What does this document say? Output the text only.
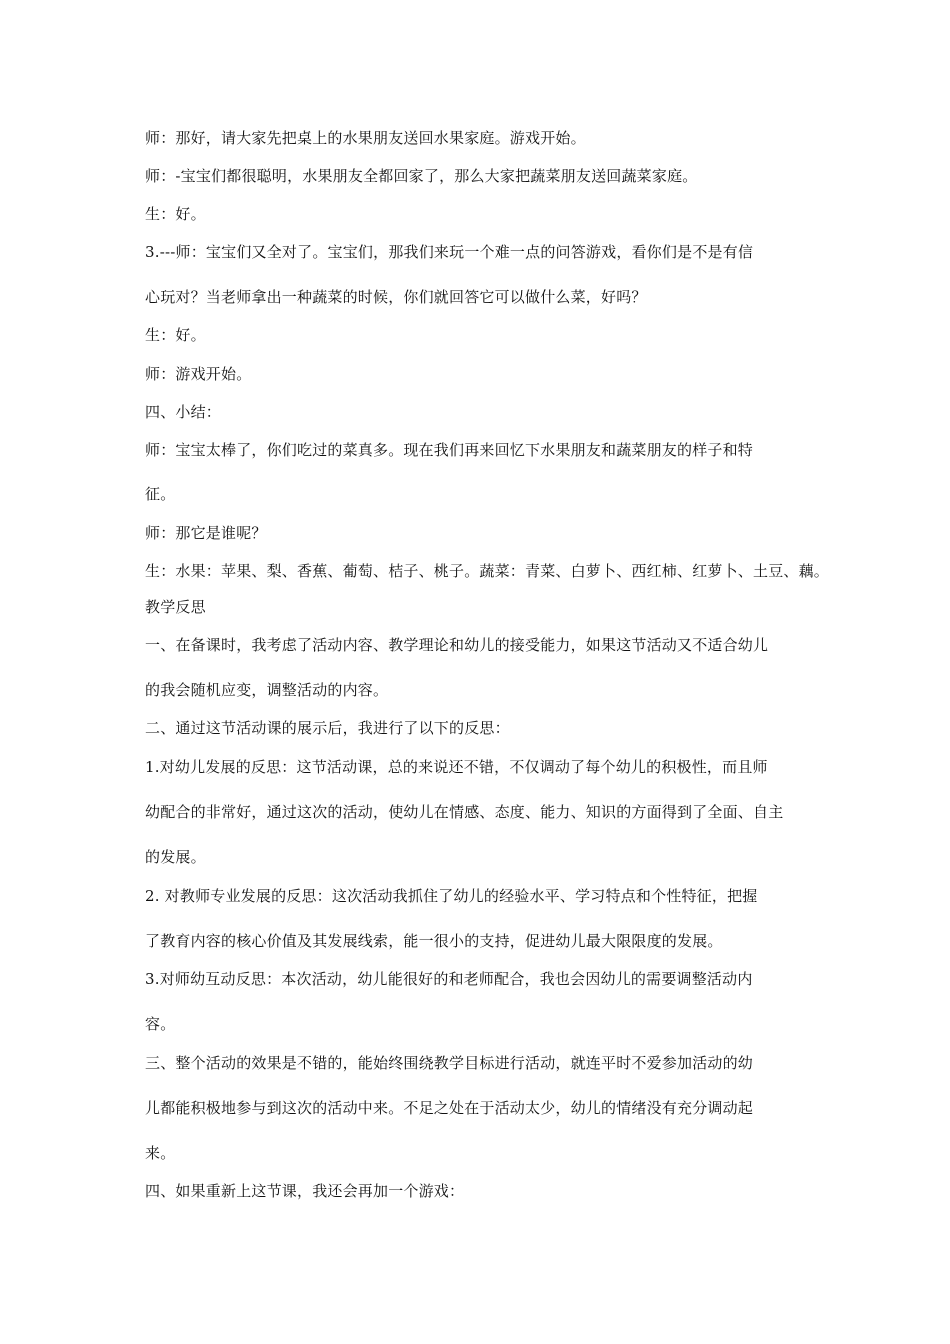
师：那好，请大家先把桌上的水果朋友送回水果家庭。游戏开始。
师：-宝宝们都很聪明，水果朋友全都回家了，那么大家把蔬菜朋友送回蔬菜家庭。
生：好。
3.---师：宝宝们又全对了。宝宝们，那我们来玩一个难一点的问答游戏，看你们是不是有信
心玩对？当老师拿出一种蔬菜的时候，你们就回答它可以做什么菜，好吗？
生：好。
师：游戏开始。
四、小结：
师：宝宝太棒了，你们吃过的菜真多。现在我们再来回忆下水果朋友和蔬菜朋友的样子和特
征。
师：那它是谁呢？
生：水果：苹果、梨、香蕉、葡萄、桔子、桃子。蔬菜：青菜、白萝卜、西红柿、红萝卜、土豆、藕。
教学反思
一、在备课时，我考虑了活动内容、教学理论和幼儿的接受能力，如果这节活动又不适合幼儿
的我会随机应变，调整活动的内容。
二、通过这节活动课的展示后，我进行了以下的反思：
1.对幼儿发展的反思：这节活动课，总的来说还不错，不仅调动了每个幼儿的积极性，而且师
幼配合的非常好，通过这次的活动，使幼儿在情感、态度、能力、知识的方面得到了全面、自主
的发展。
2. 对教师专业发展的反思：这次活动我抓住了幼儿的经验水平、学习特点和个性特征，把握
了教育内容的核心价值及其发展线索，能一很小的支持，促进幼儿最大限限度的发展。
3.对师幼互动反思：本次活动，幼儿能很好的和老师配合，我也会因幼儿的需要调整活动内
容。
三、整个活动的效果是不错的，能始终围绕教学目标进行活动，就连平时不爱参加活动的幼
儿都能积极地参与到这次的活动中来。不足之处在于活动太少，幼儿的情绪没有充分调动起
来。
四、如果重新上这节课，我还会再加一个游戏：
